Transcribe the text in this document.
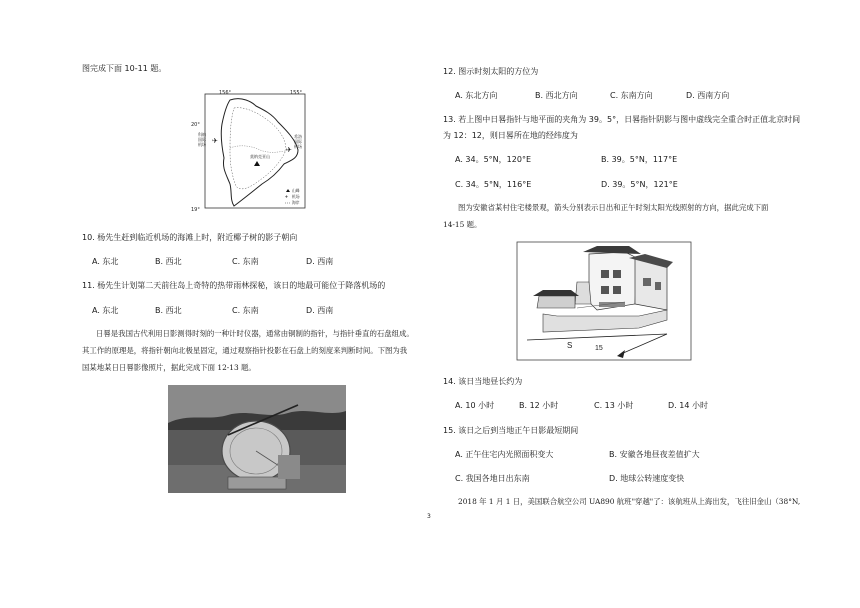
图完成下面 10-11 题。
156°	155°
20°
19°
科纳
国际
机场
希洛
国际
机场
莫纳克亚山
✈
✈
山峰
✈ 机场
海岸
10. 杨先生赶到临近机场的海滩上时，附近椰子树的影子朝向
A. 东北	B. 西北	C. 东南	D. 西南
11. 杨先生计划第二天前往岛上奇特的热带雨林探秘，该日的地最可能位于降落机场的
A. 东北	B. 西北	C. 东南	D. 西南
日晷是我国古代利用日影测得时刻的一种计时仪器，通常由铜制的指针，与指针垂直的石盘组成。
其工作的原理是，将指针朝向北极星固定，通过观察指针投影在石盘上的刻度来判断时间。下图为我
国某地某日日晷影像照片，据此完成下面 12-13 题。
12. 图示时刻太阳的方位为
A. 东北方向	B. 西北方向	C. 东南方向	D. 西南方向
13. 若上图中日晷指针与地平面的夹角为 39。5°，日晷指针阴影与图中虚线完全重合时正值北京时间
为 12：12，则日晷所在地的经纬度为
A. 34。5°N，120°E	B. 39。5°N，117°E
C. 34。5°N，116°E	D. 39。5°N，121°E
图为安徽省某村住宅楼景观，箭头分别表示日出和正午时刻太阳光线照射的方向，据此完成下面
14-15 题。
S	15
14. 该日当地昼长约为
A. 10 小时	B. 12 小时	C. 13 小时	D. 14 小时
15. 该日之后到当地正午日影最短期间
A. 正午住宅内光照面积变大	B. 安徽各地昼夜差值扩大
C. 我国各地日出东南	D. 地球公转速度变快
2018 年 1 月 1 日，美国联合航空公司 UA890 航班"穿越"了：该航班从上海出发，飞往旧金山（38°N,
3
